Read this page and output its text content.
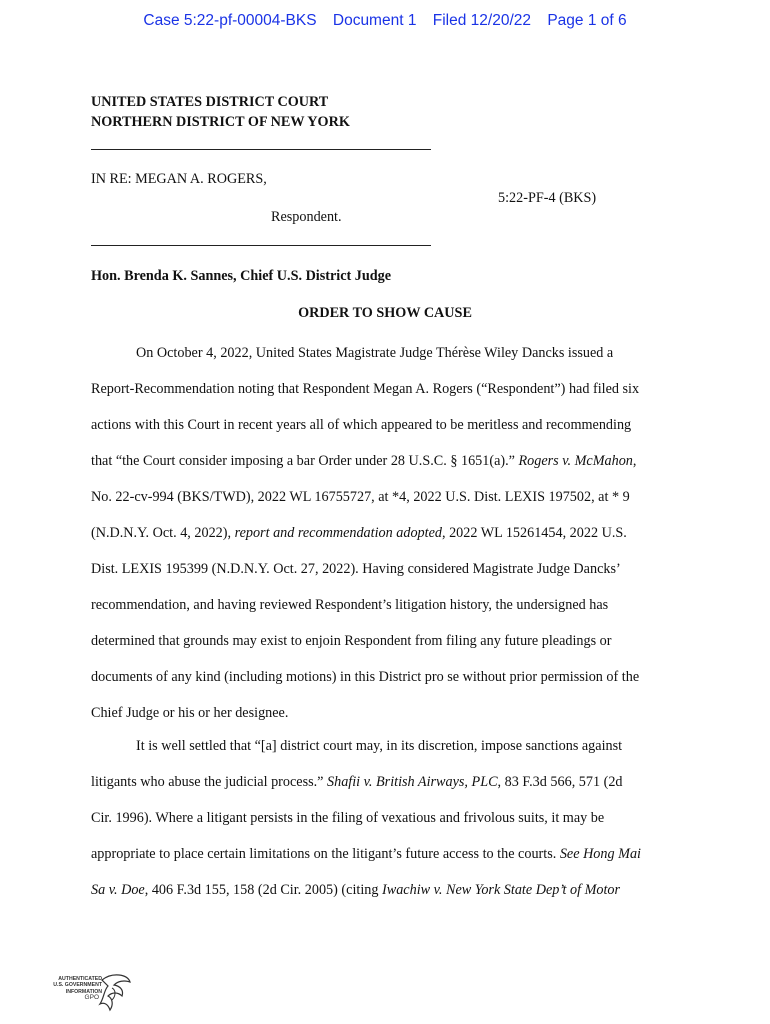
Case 5:22-pf-00004-BKS Document 1 Filed 12/20/22 Page 1 of 6
UNITED STATES DISTRICT COURT
NORTHERN DISTRICT OF NEW YORK
IN RE: MEGAN A. ROGERS,
5:22-PF-4 (BKS)
Respondent.
Hon. Brenda K. Sannes, Chief U.S. District Judge
ORDER TO SHOW CAUSE
On October 4, 2022, United States Magistrate Judge Thérèse Wiley Dancks issued a
Report-Recommendation noting that Respondent Megan A. Rogers (“Respondent”) had filed six
actions with this Court in recent years all of which appeared to be meritless and recommending
that “the Court consider imposing a bar Order under 28 U.S.C. § 1651(a).” Rogers v. McMahon,
No. 22-cv-994 (BKS/TWD), 2022 WL 16755727, at *4, 2022 U.S. Dist. LEXIS 197502, at * 9
(N.D.N.Y. Oct. 4, 2022), report and recommendation adopted, 2022 WL 15261454, 2022 U.S.
Dist. LEXIS 195399 (N.D.N.Y. Oct. 27, 2022). Having considered Magistrate Judge Dancks’
recommendation, and having reviewed Respondent’s litigation history, the undersigned has
determined that grounds may exist to enjoin Respondent from filing any future pleadings or
documents of any kind (including motions) in this District pro se without prior permission of the
Chief Judge or his or her designee.
It is well settled that “[a] district court may, in its discretion, impose sanctions against
litigants who abuse the judicial process.” Shafii v. British Airways, PLC, 83 F.3d 566, 571 (2d
Cir. 1996). Where a litigant persists in the filing of vexatious and frivolous suits, it may be
appropriate to place certain limitations on the litigant’s future access to the courts. See Hong Mai
Sa v. Doe, 406 F.3d 155, 158 (2d Cir. 2005) (citing Iwachiw v. New York State Dep’t of Motor
AUTHENTICATED
U.S. GOVERNMENT
INFORMATION
GPO
